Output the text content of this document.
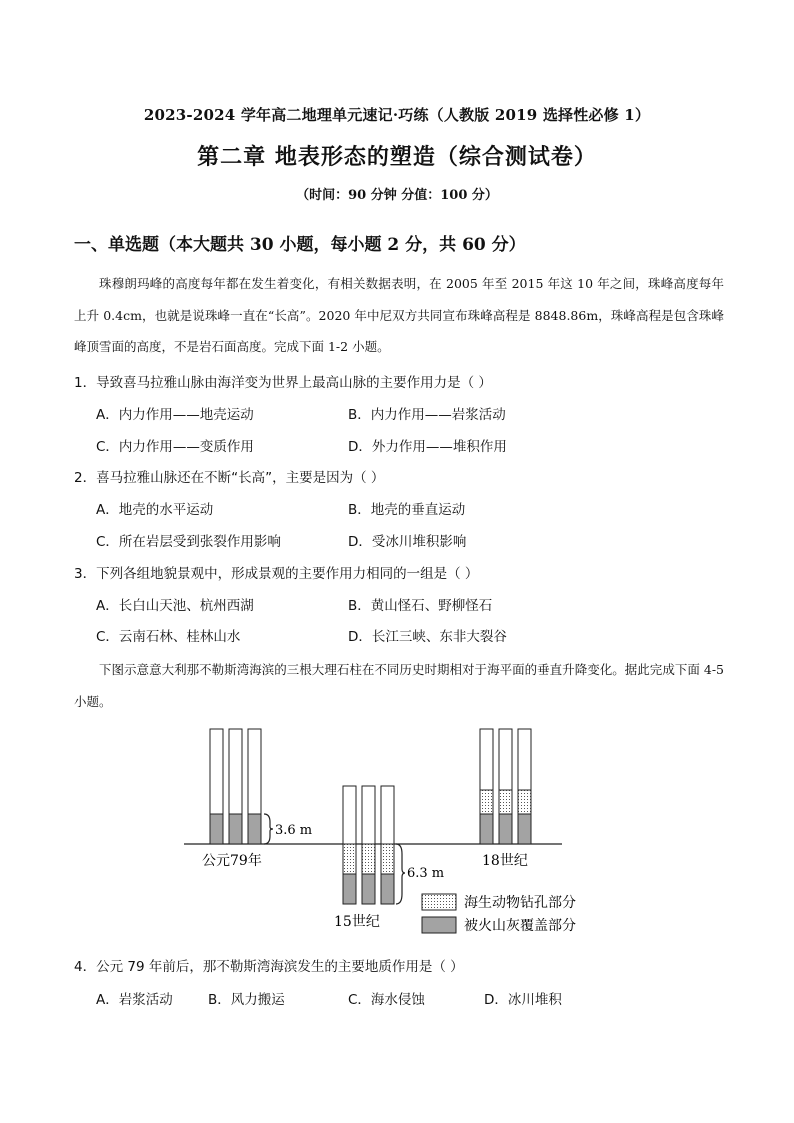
2023-2024 学年高二地理单元速记·巧练（人教版 2019 选择性必修 1）
第二章 地表形态的塑造（综合测试卷）
（时间：90 分钟 分值：100 分）
一、单选题（本大题共 30 小题，每小题 2 分，共 60 分）
珠穆朗玛峰的高度每年都在发生着变化，有相关数据表明，在 2005 年至 2015 年这 10 年之间，珠峰高度每年上升 0.4cm，也就是说珠峰一直在“长高”。2020 年中尼双方共同宣布珠峰高程是 8848.86m，珠峰高程是包含珠峰峰顶雪面的高度，不是岩石面高度。完成下面 1-2 小题。
1．导致喜马拉雅山脉由海洋变为世界上最高山脉的主要作用力是（ ）
A．内力作用——地壳运动	B．内力作用——岩浆活动
C．内力作用——变质作用	D．外力作用——堆积作用
2．喜马拉雅山脉还在不断“长高”，主要是因为（ ）
A．地壳的水平运动	B．地壳的垂直运动
C．所在岩层受到张裂作用影响	D．受冰川堆积影响
3．下列各组地貌景观中，形成景观的主要作用力相同的一组是（ ）
A．长白山天池、杭州西湖	B．黄山怪石、野柳怪石
C．云南石林、桂林山水	D．长江三峡、东非大裂谷
下图示意意大利那不勒斯湾海滨的三根大理石柱在不同历史时期相对于海平面的垂直升降变化。据此完成下面 4-5 小题。
3.6 m
公元79年
6.3 m
15世纪
18世纪
海生动物钻孔部分
被火山灰覆盖部分
4．公元 79 年前后，那不勒斯湾海滨发生的主要地质作用是（ ）
A．岩浆活动	B．风力搬运	C．海水侵蚀	D．冰川堆积
